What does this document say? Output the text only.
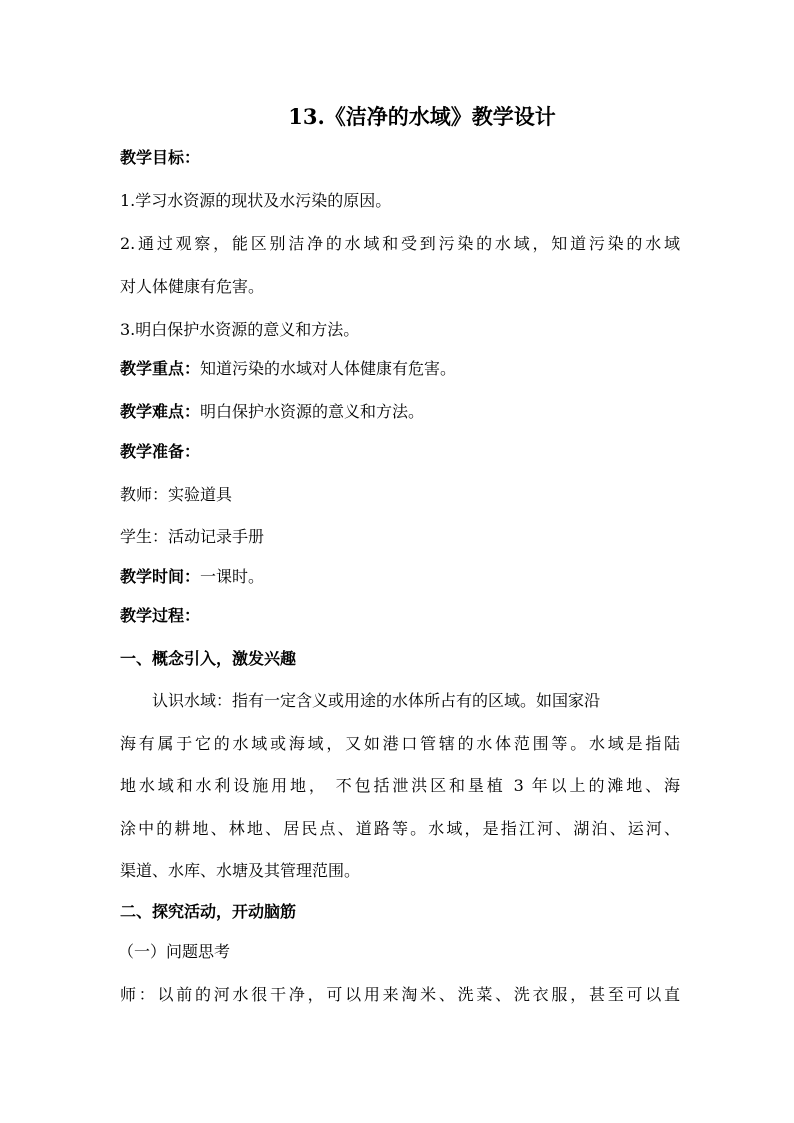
13.《洁净的水域》教学设计
教学目标：
1.学习水资源的现状及水污染的原因。
2.通过观察，能区别洁净的水域和受到污染的水域，知道污染的水域
对人体健康有危害。
3.明白保护水资源的意义和方法。
教学重点：知道污染的水域对人体健康有危害。
教学难点：明白保护水资源的意义和方法。
教学准备：
教师：实验道具
学生：活动记录手册
教学时间：一课时。
教学过程：
一、概念引入，激发兴趣
认识水域：指有一定含义或用途的水体所占有的区域。如国家沿
海有属于它的水域或海域，又如港口管辖的水体范围等。水域是指陆
地水域和水利设施用地， 不包括泄洪区和垦植 3 年以上的滩地、海
涂中的耕地、林地、居民点、道路等。水域，是指江河、湖泊、运河、
渠道、水库、水塘及其管理范围。
二、探究活动，开动脑筋
（一）问题思考
师：以前的河水很干净，可以用来淘米、洗菜、洗衣服，甚至可以直
